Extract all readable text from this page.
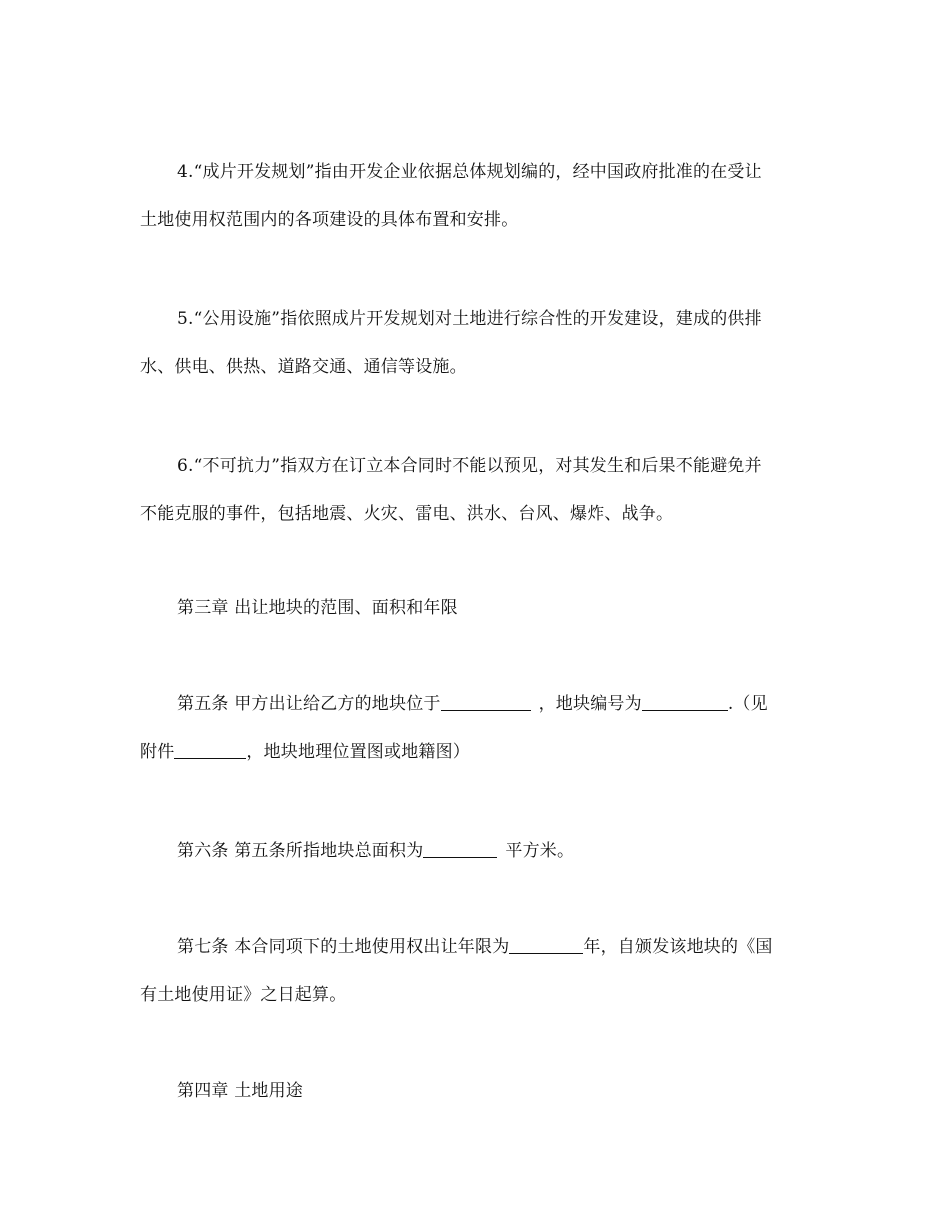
4.“成片开发规划”指由开发企业依据总体规划编的，经中国政府批准的在受让
土地使用权范围内的各项建设的具体布置和安排。
5.“公用设施”指依照成片开发规划对土地进行综合性的开发建设，建成的供排
水、供电、供热、道路交通、通信等设施。
6.“不可抗力”指双方在订立本合同时不能以预见，对其发生和后果不能避免并
不能克服的事件，包括地震、火灾、雷电、洪水、台风、爆炸、战争。
第三章 出让地块的范围、面积和年限
第五条 甲方出让给乙方的地块位于	，地块编号为	.（见
附件	，地块地理位置图或地籍图）
第六条 第五条所指地块总面积为	平方米。
第七条 本合同项下的土地使用权出让年限为	年，自颁发该地块的《国
有土地使用证》之日起算。
第四章 土地用途
